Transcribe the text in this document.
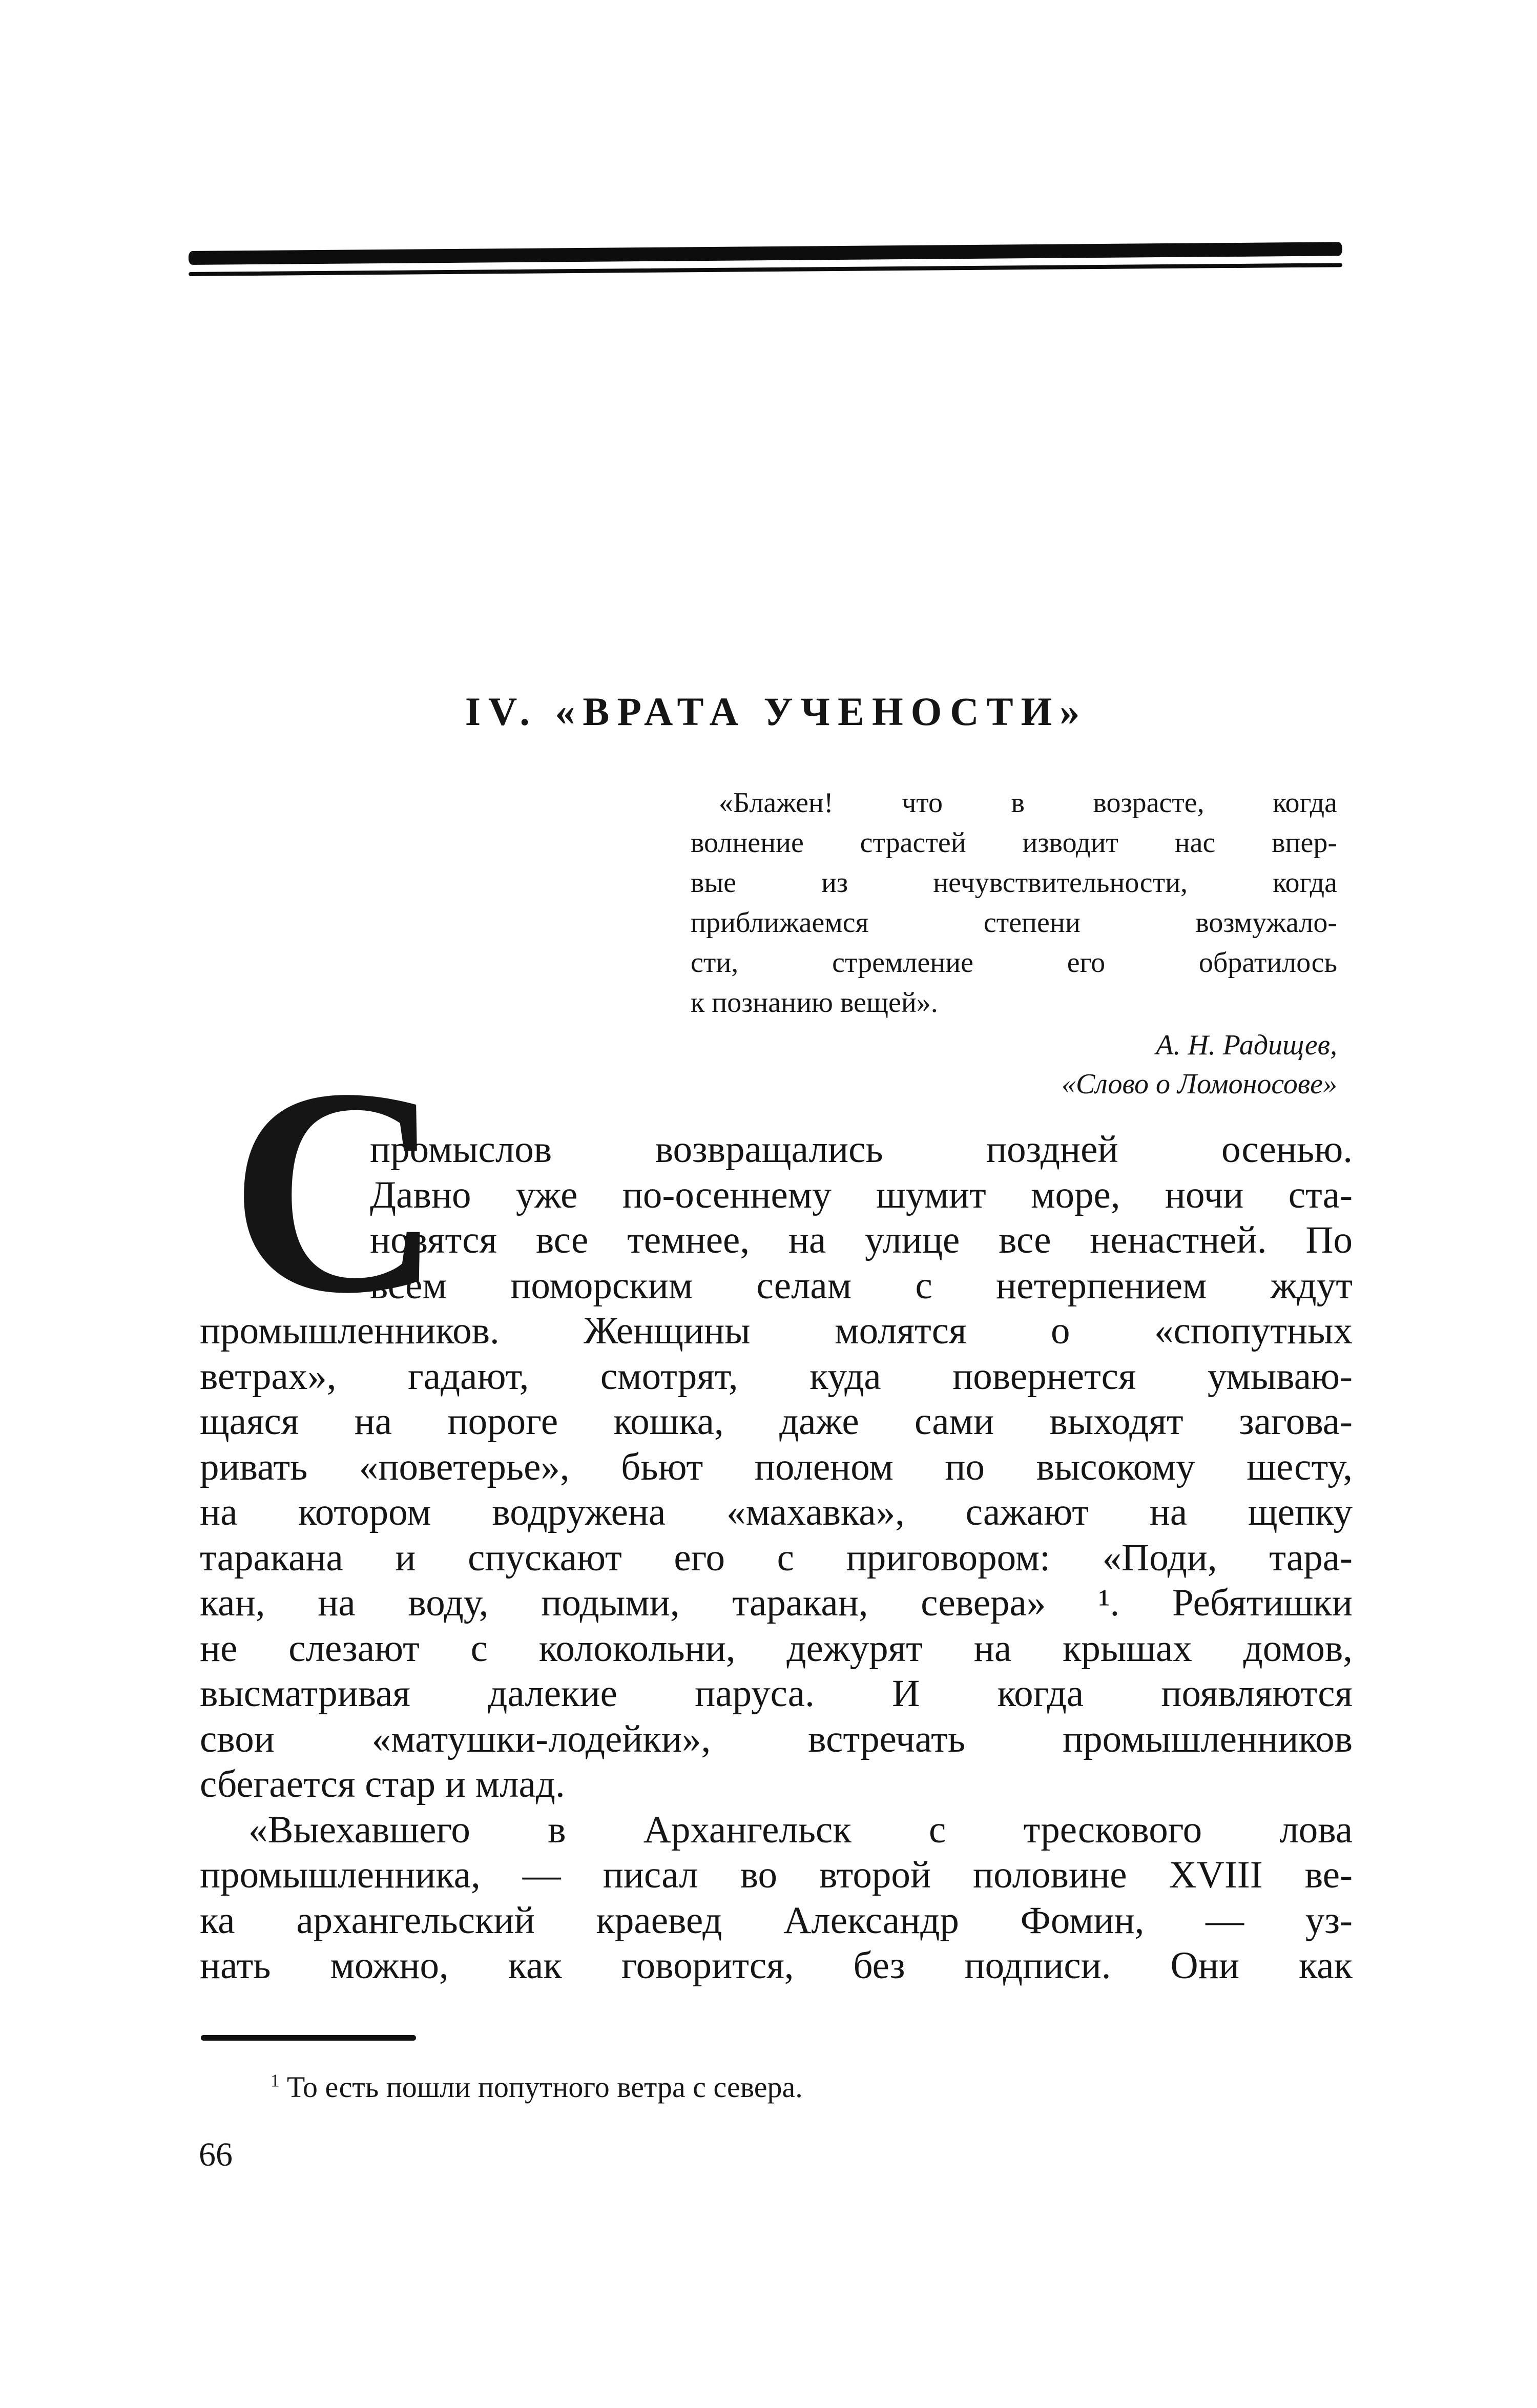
IV. «ВРАТА УЧЕНОСТИ»
«Блажен! что в возрасте, когда
волнение страстей изводит нас впер-
вые из нечувствительности, когда
приближаемся степени возмужало-
сти, стремление его обратилось
к познанию вещей».
А. Н. Радищев,
«Слово о Ломоносове»
С
промыслов возвращались поздней осенью.
Давно уже по-осеннему шумит море, ночи ста-
новятся все темнее, на улице все ненастней. По
всем поморским селам с нетерпением ждут
промышленников. Женщины молятся о «спопутных
ветрах», гадают, смотрят, куда повернется умываю-
щаяся на пороге кошка, даже сами выходят загова-
ривать «поветерье», бьют поленом по высокому шесту,
на котором водружена «махавка», сажают на щепку
таракана и спускают его с приговором: «Поди, тара-
кан, на воду, подыми, таракан, севера» ¹. Ребятишки
не слезают с колокольни, дежурят на крышах домов,
высматривая далекие паруса. И когда появляются
свои «матушки-лодейки», встречать промышленников
сбегается стар и млад.
«Выехавшего в Архангельск с трескового лова
промышленника, — писал во второй половине XVIII ве-
ка архангельский краевед Александр Фомин, — уз-
нать можно, как говорится, без подписи. Они как
$^1$ То есть пошли попутного ветра с севера.
66
